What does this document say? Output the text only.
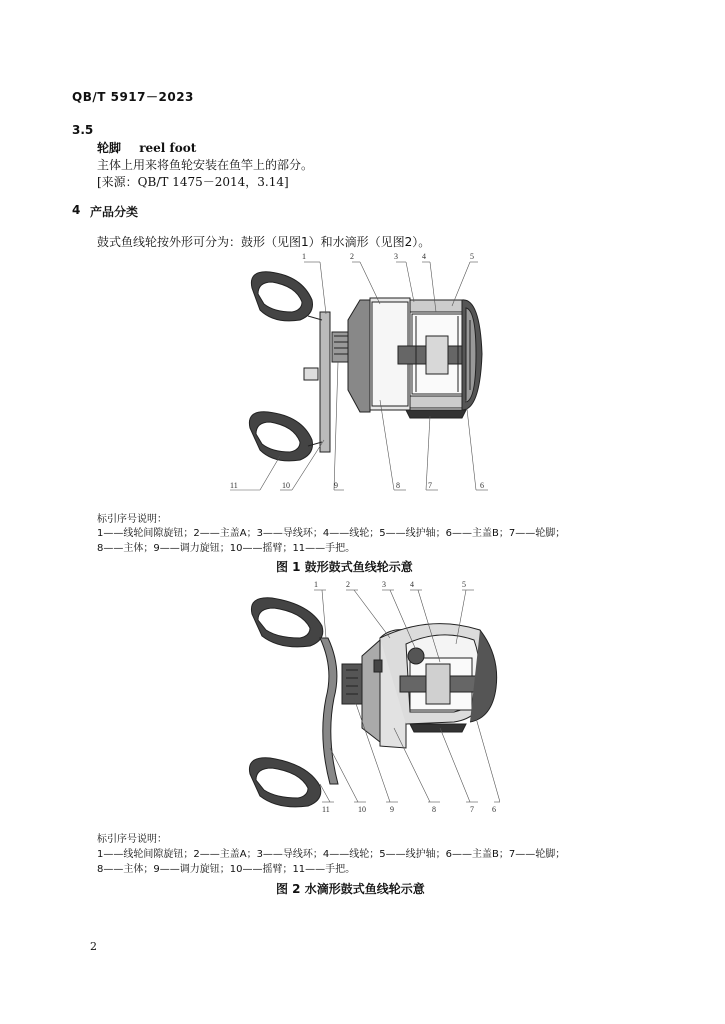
QB/T 5917－2023
3.5
轮脚 reel foot
主体上用来将鱼轮安装在鱼竿上的部分。
[来源：QB/T 1475－2014，3.14]
4 产品分类
鼓式鱼线轮按外形可分为：鼓形（见图1）和水滴形（见图2）。
1	2	3	4	5
11	10	9	8	7	6
标引序号说明：
1——线轮间隙旋钮；2——主盖A；3——导线环；4——线轮；5——线护轴；6——主盖B；7——轮脚；
8——主体；9——调力旋钮；10——摇臂；11——手把。
图 1 鼓形鼓式鱼线轮示意
1	2	3	4	5
11	10	9	8	7 6
标引序号说明：
1——线轮间隙旋钮；2——主盖A；3——导线环；4——线轮；5——线护轴；6——主盖B；7——轮脚；
8——主体；9——调力旋钮；10——摇臂；11——手把。
图 2 水滴形鼓式鱼线轮示意
2
